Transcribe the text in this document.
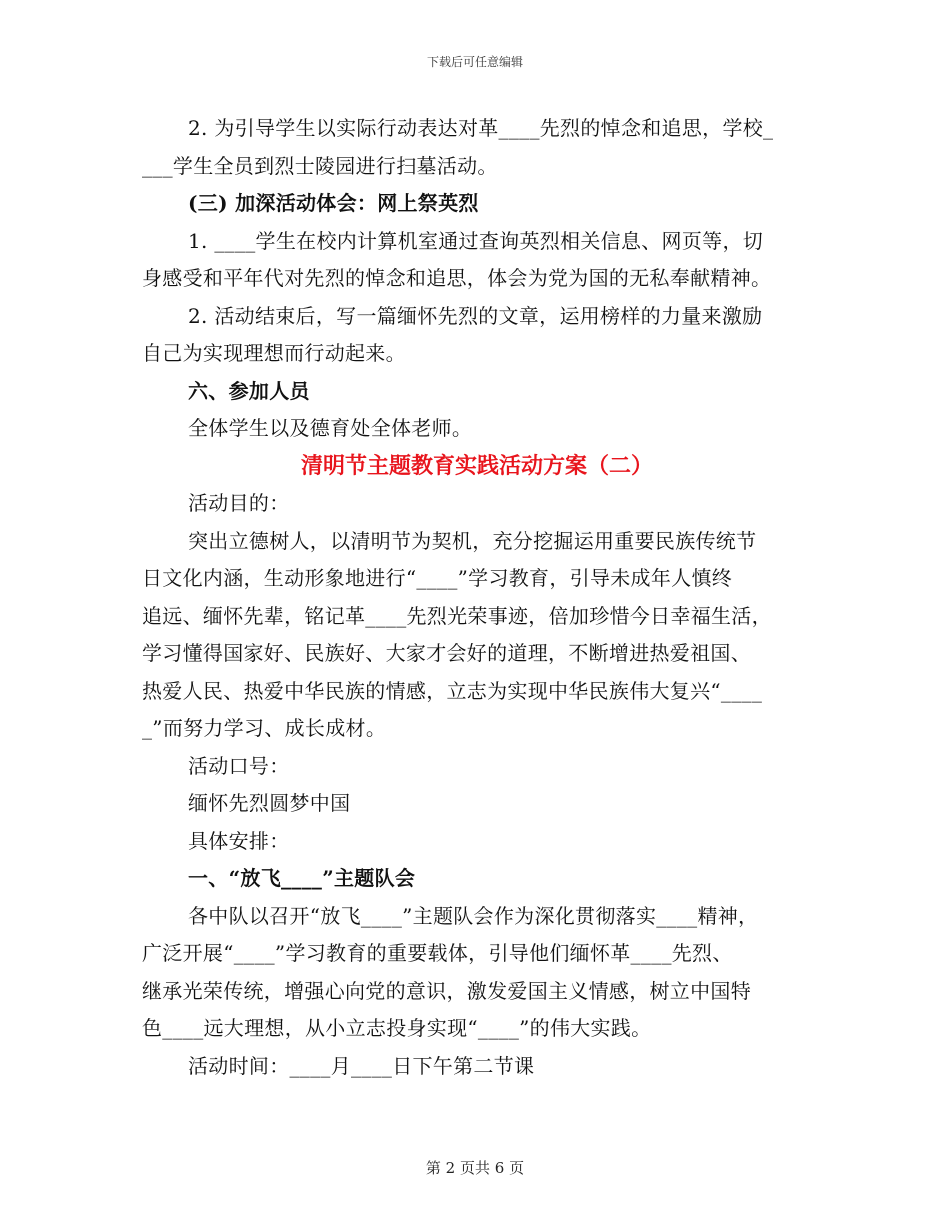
下载后可任意编辑
2. 为引导学生以实际行动表达对革____先烈的悼念和追思，学校_
___学生全员到烈士陵园进行扫墓活动。
(三) 加深活动体会：网上祭英烈
1. ____学生在校内计算机室通过查询英烈相关信息、网页等，切
身感受和平年代对先烈的悼念和追思，体会为党为国的无私奉献精神。
2. 活动结束后，写一篇缅怀先烈的文章，运用榜样的力量来激励
自己为实现理想而行动起来。
六、参加人员
全体学生以及德育处全体老师。
清明节主题教育实践活动方案（二）
活动目的：
突出立德树人，以清明节为契机，充分挖掘运用重要民族传统节
日文化内涵，生动形象地进行“____”学习教育，引导未成年人慎终
追远、缅怀先辈，铭记革____先烈光荣事迹，倍加珍惜今日幸福生活，
学习懂得国家好、民族好、大家才会好的道理，不断增进热爱祖国、
热爱人民、热爱中华民族的情感，立志为实现中华民族伟大复兴“____
_”而努力学习、成长成材。
活动口号：
缅怀先烈圆梦中国
具体安排：
一、“放飞____”主题队会
各中队以召开“放飞____”主题队会作为深化贯彻落实____精神，
广泛开展“____”学习教育的重要载体，引导他们缅怀革____先烈、
继承光荣传统，增强心向党的意识，激发爱国主义情感，树立中国特
色____远大理想，从小立志投身实现“____”的伟大实践。
活动时间：____月____日下午第二节课
第 2 页共 6 页
